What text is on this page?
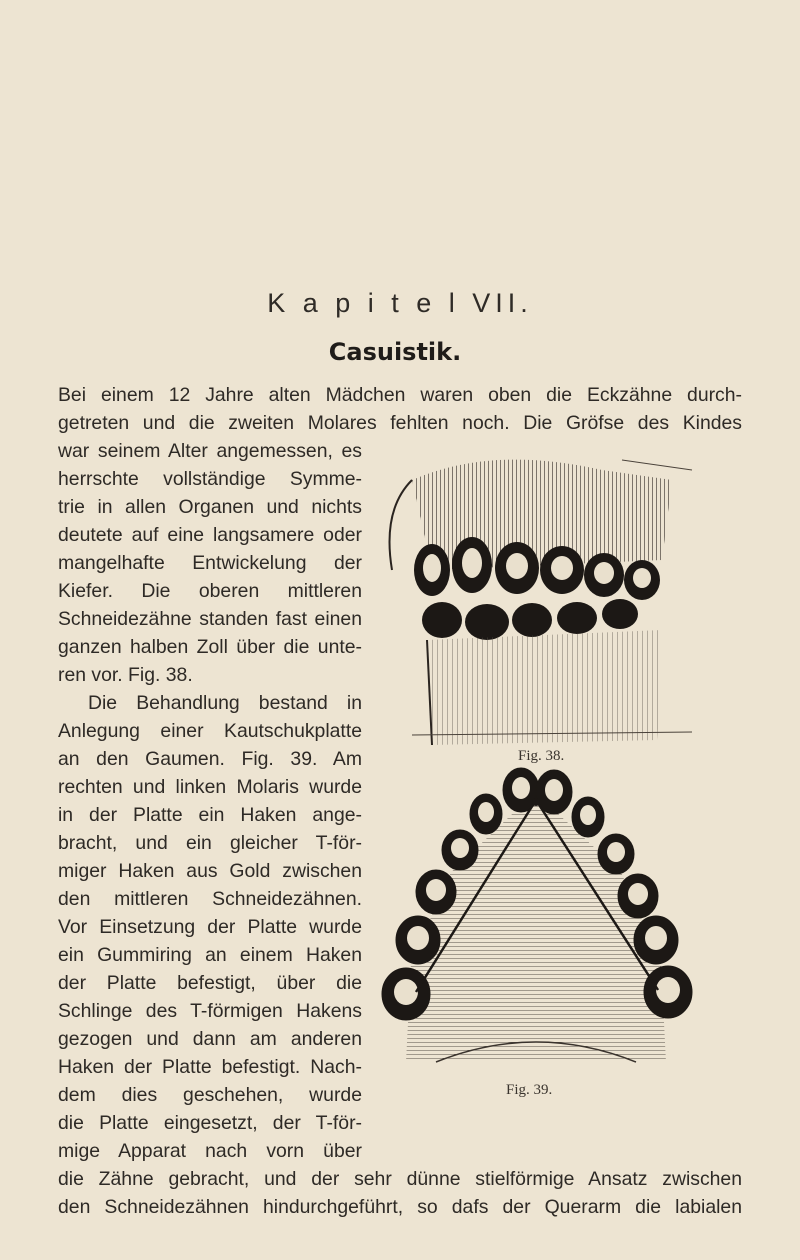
K a p i t e l VII.
Casuistik.
Bei einem 12 Jahre alten Mädchen waren oben die Eckzähne durch-
getreten und die zweiten Molares fehlten noch. Die Gröfse des Kindes
war seinem Alter angemessen, es
herrschte vollständige Symme-
trie in allen Organen und nichts
deutete auf eine langsamere oder
mangelhafte Entwickelung der
Kiefer. Die oberen mittleren
Schneidezähne standen fast einen
ganzen halben Zoll über die unte-
ren vor. Fig. 38.
Die Behandlung bestand in
Anlegung einer Kautschukplatte
an den Gaumen. Fig. 39. Am
rechten und linken Molaris wurde
in der Platte ein Haken ange-
bracht, und ein gleicher T-för-
miger Haken aus Gold zwischen
den mittleren Schneidezähnen.
Vor Einsetzung der Platte wurde
ein Gummiring an einem Haken
der Platte befestigt, über die
Schlinge des T-förmigen Hakens
gezogen und dann am anderen
Haken der Platte befestigt. Nach-
dem dies geschehen, wurde
die Platte eingesetzt, der T-för-
mige Apparat nach vorn über
die Zähne gebracht, und der sehr dünne stielförmige Ansatz zwischen
den Schneidezähnen hindurchgeführt, so dafs der Querarm die labialen
Fig. 38.
Fig. 39.
